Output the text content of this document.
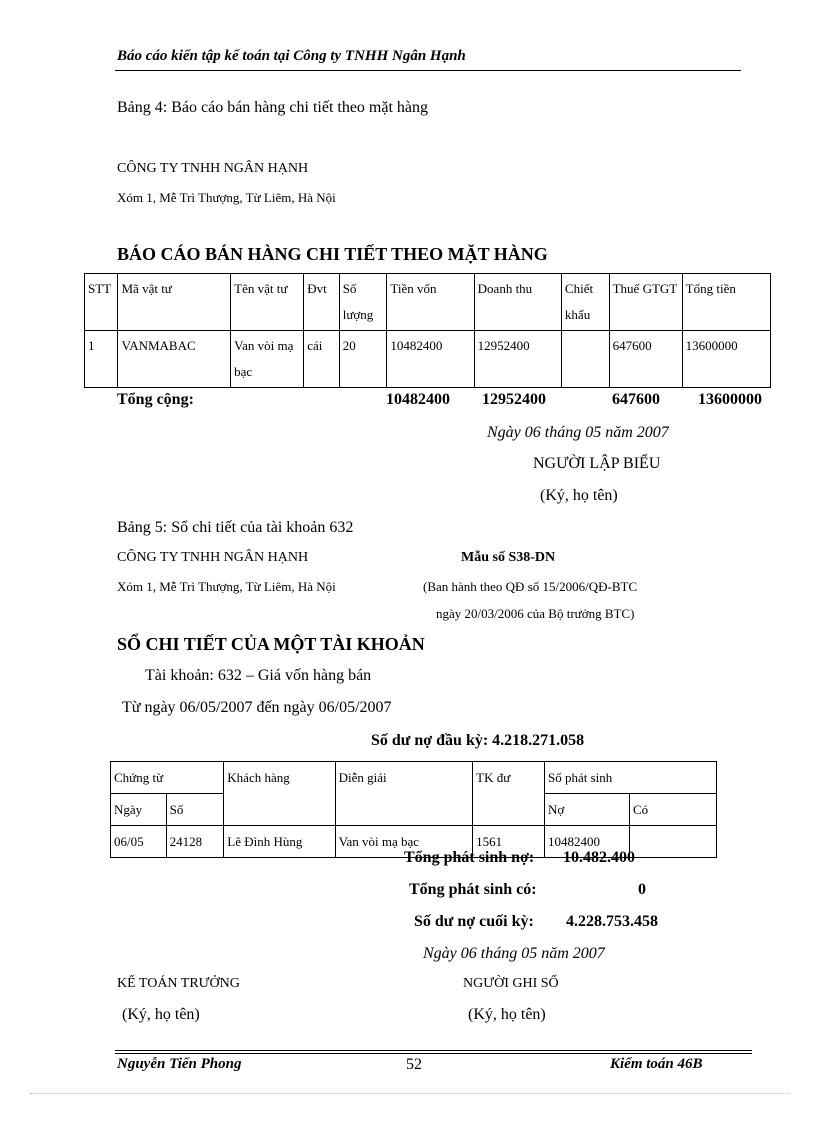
Báo cáo kiến tập kế toán tại Công ty TNHH Ngân Hạnh
Bảng 4: Báo cáo bán hàng chi tiết theo mặt hàng
CÔNG TY TNHH NGÂN HẠNH
Xóm 1, Mễ Trì Thượng, Từ Liêm, Hà Nội
BÁO CÁO BÁN HÀNG CHI TIẾT THEO MẶT HÀNG
STT	Mã vật tư	Tên vật tư	Đvt	Số lượng	Tiền vốn	Doanh thu	Chiết khấu	Thuế GTGT	Tổng tiền
1	VANMABAC	Van vòi mạ bạc	cái	20	10482400	12952400		647600	13600000
Tổng cộng:	10482400 12952400	647600 13600000
Ngày 06 tháng 05 năm 2007
NGƯỜI LẬP BIỂU
(Ký, họ tên)
Bảng 5: Sổ chi tiết của tài khoản 632
CÔNG TY TNHH NGÂN HẠNH	Mẫu số S38-DN
Xóm 1, Mễ Trì Thượng, Từ Liêm, Hà Nội	(Ban hành theo QĐ số 15/2006/QĐ-BTC
ngày 20/03/2006 của Bộ trưởng BTC)
SỔ CHI TIẾT CỦA MỘT TÀI KHOẢN
Tài khoản: 632 – Giá vốn hàng bán
Từ ngày 06/05/2007 đến ngày 06/05/2007
Số dư nợ đầu kỳ: 4.218.271.058
Chứng từ		Khách hàng	Diễn giải	TK đư	Số phát sinh	
Ngày	Số				Nợ	Có
06/05	24128	Lê Đình Hùng	Van vòi mạ bạc	1561	10482400	
Tổng phát sinh nợ: 10.482.400
Tổng phát sinh có:	0
Số dư nợ cuối kỳ: 4.228.753.458
Ngày 06 tháng 05 năm 2007
KẾ TOÁN TRƯỞNG	NGƯỜI GHI SỔ
(Ký, họ tên)	(Ký, họ tên)
Nguyễn Tiến Phong	52	Kiểm toán 46B
